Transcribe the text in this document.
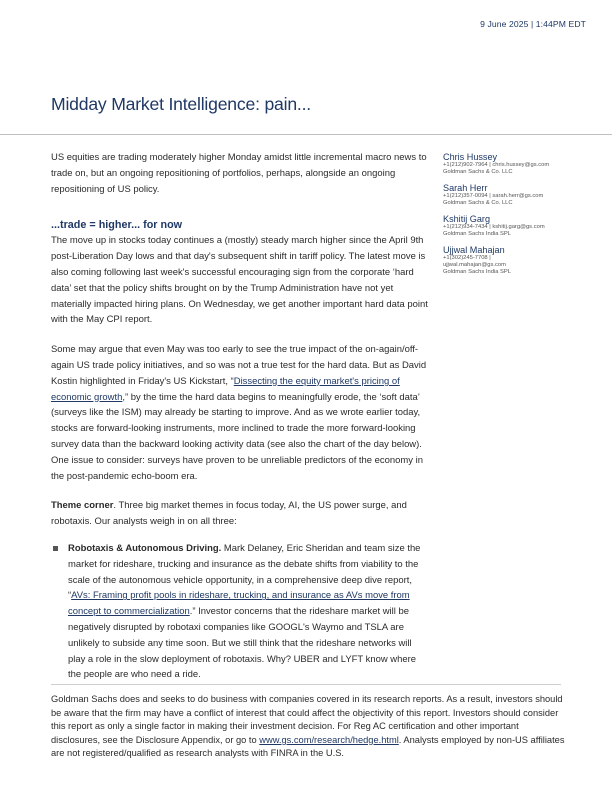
9 June 2025 | 1:44PM EDT
Midday Market Intelligence: pain...

US equities are trading moderately higher Monday amidst little incremental macro news to trade on, but an ongoing repositioning of portfolios, perhaps, alongside an ongoing repositioning of US policy.

...trade = higher... for now

The move up in stocks today continues a (mostly) steady march higher since the April 9th post-Liberation Day lows and that day's subsequent shift in tariff policy. The latest move is also coming following last week's successful encouraging sign from the corporate ‘hard data’ set that the policy shifts brought on by the Trump Administration have not yet materially impacted hiring plans. On Wednesday, we get another important hard data point with the May CPI report.

Some may argue that even May was too early to see the true impact of the on-again/off-again US trade policy initiatives, and so was not a true test for the hard data. But as David Kostin highlighted in Friday's US Kickstart, “Dissecting the equity market's pricing of economic growth,” by the time the hard data begins to meaningfully erode, the ‘soft data’ (surveys like the ISM) may already be starting to improve. And as we wrote earlier today, stocks are forward-looking instruments, more inclined to trade the more forward-looking survey data than the backward looking activity data (see also the chart of the day below). One issue to consider: surveys have proven to be unreliable predictors of the economy in the post-pandemic echo-boom era.

Theme corner. Three big market themes in focus today, AI, the US power surge, and robotaxis. Our analysts weigh in on all three:

Robotaxis & Autonomous Driving. Mark Delaney, Eric Sheridan and team size the market for rideshare, trucking and insurance as the debate shifts from viability to the scale of the autonomous vehicle opportunity, in a comprehensive deep dive report, “AVs: Framing profit pools in rideshare, trucking, and insurance as AVs move from concept to commercialization.” Investor concerns that the rideshare market will be negatively disrupted by robotaxi companies like GOOGL's Waymo and TSLA are unlikely to subside any time soon. But we still think that the rideshare networks will play a role in the slow deployment of robotaxis. Why? UBER and LYFT know where the people are who need a ride.
Chris Hussey
+1(212)902-7964 | chris.hussey@gs.com
Goldman Sachs & Co. LLC
Sarah Herr
+1(212)357-0094 | sarah.herr@gs.com
Goldman Sachs & Co. LLC
Kshitij Garg
+1(212)934-7434 | kshitij.garg@gs.com
Goldman Sachs India SPL
Ujjwal Mahajan
+1(302)245-7708 |
ujjwal.mahajan@gs.com
Goldman Sachs India SPL
Goldman Sachs does and seeks to do business with companies covered in its research reports. As a result, investors should be aware that the firm may have a conflict of interest that could affect the objectivity of this report. Investors should consider this report as only a single factor in making their investment decision. For Reg AC certification and other important disclosures, see the Disclosure Appendix, or go to www.gs.com/research/hedge.html. Analysts employed by non-US affiliates are not registered/qualified as research analysts with FINRA in the U.S.
